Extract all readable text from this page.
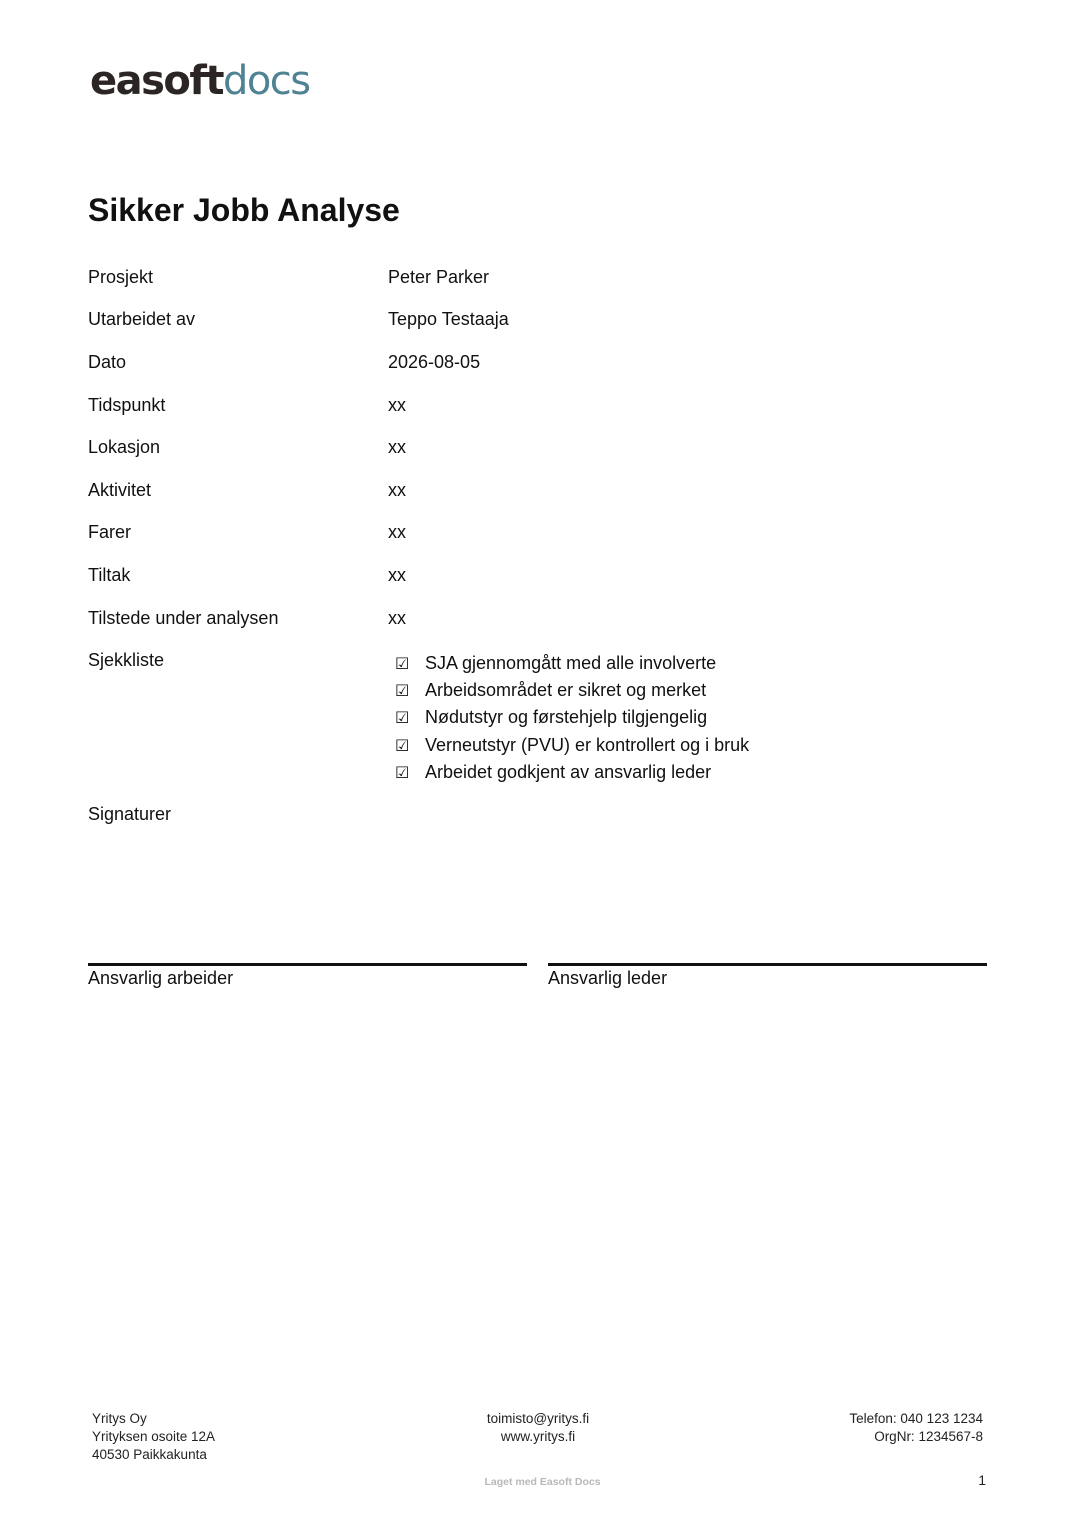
easoftdocs
Sikker Jobb Analyse
Prosjekt	Peter Parker
Utarbeidet av	Teppo Testaaja
Dato	2026-08-05
Tidspunkt	xx
Lokasjon	xx
Aktivitet	xx
Farer	xx
Tiltak	xx
Tilstede under analysen	xx
Sjekkliste	☑ SJA gjennomgått med alle involverte
☑ Arbeidsområdet er sikret og merket
☑ Nødutstyr og førstehjelp tilgjengelig
☑ Verneutstyr (PVU) er kontrollert og i bruk
☑ Arbeidet godkjent av ansvarlig leder
Signaturer
Ansvarlig arbeider	Ansvarlig leder
Yritys Oy
Yrityksen osoite 12A
40530 Paikkakunta
toimisto@yritys.fi
www.yritys.fi
Telefon: 040 123 1234
OrgNr: 1234567-8
Laget med Easoft Docs	1
